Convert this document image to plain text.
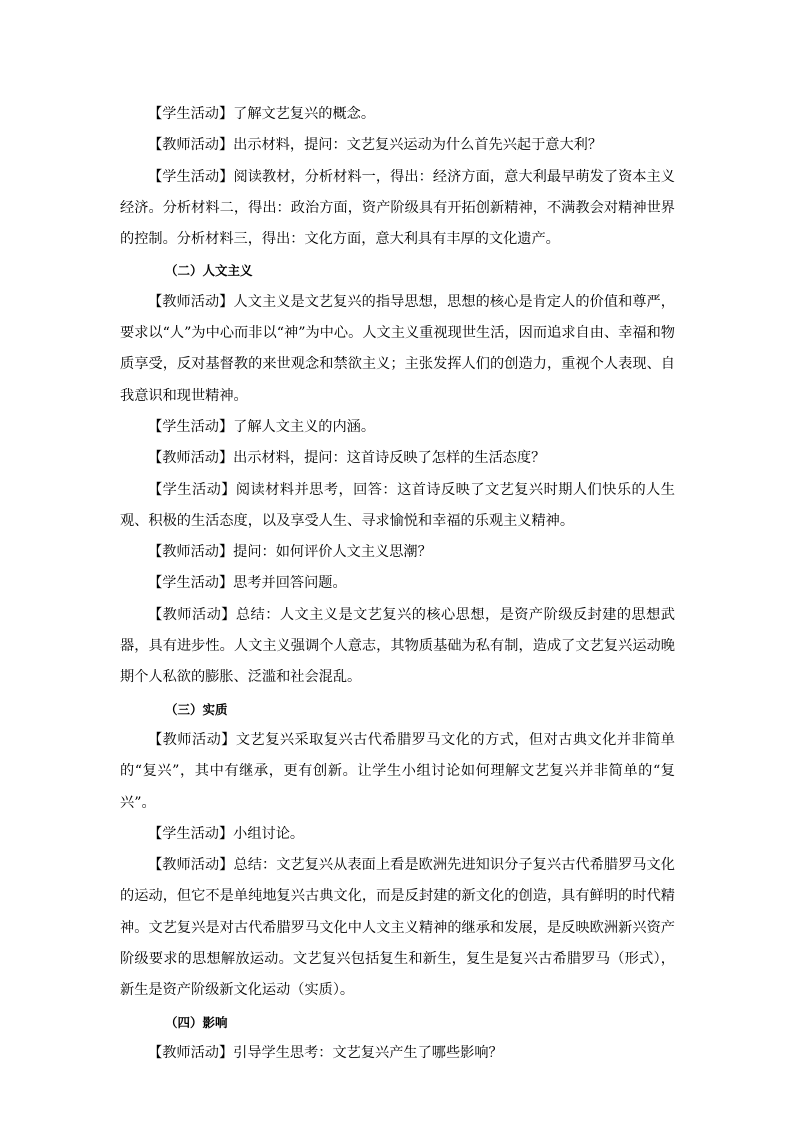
【学生活动】了解文艺复兴的概念。

【教师活动】出示材料，提问：文艺复兴运动为什么首先兴起于意大利？

【学生活动】阅读教材，分析材料一，得出：经济方面，意大利最早萌发了资本主义经济。分析材料二，得出：政治方面，资产阶级具有开拓创新精神，不满教会对精神世界的控制。分析材料三，得出：文化方面，意大利具有丰厚的文化遗产。

（二）人文主义

【教师活动】人文主义是文艺复兴的指导思想，思想的核心是肯定人的价值和尊严，要求以“人”为中心而非以“神”为中心。人文主义重视现世生活，因而追求自由、幸福和物质享受，反对基督教的来世观念和禁欲主义；主张发挥人们的创造力，重视个人表现、自我意识和现世精神。

【学生活动】了解人文主义的内涵。

【教师活动】出示材料，提问：这首诗反映了怎样的生活态度？

【学生活动】阅读材料并思考，回答：这首诗反映了文艺复兴时期人们快乐的人生观、积极的生活态度，以及享受人生、寻求愉悦和幸福的乐观主义精神。

【教师活动】提问：如何评价人文主义思潮？

【学生活动】思考并回答问题。

【教师活动】总结：人文主义是文艺复兴的核心思想，是资产阶级反封建的思想武器，具有进步性。人文主义强调个人意志，其物质基础为私有制，造成了文艺复兴运动晚期个人私欲的膨胀、泛滥和社会混乱。

（三）实质

【教师活动】文艺复兴采取复兴古代希腊罗马文化的方式，但对古典文化并非简单的“复兴”，其中有继承，更有创新。让学生小组讨论如何理解文艺复兴并非简单的“复兴”。

【学生活动】小组讨论。

【教师活动】总结：文艺复兴从表面上看是欧洲先进知识分子复兴古代希腊罗马文化的运动，但它不是单纯地复兴古典文化，而是反封建的新文化的创造，具有鲜明的时代精神。文艺复兴是对古代希腊罗马文化中人文主义精神的继承和发展，是反映欧洲新兴资产阶级要求的思想解放运动。文艺复兴包括复生和新生，复生是复兴古希腊罗马（形式），新生是资产阶级新文化运动（实质）。

（四）影响

【教师活动】引导学生思考：文艺复兴产生了哪些影响？
